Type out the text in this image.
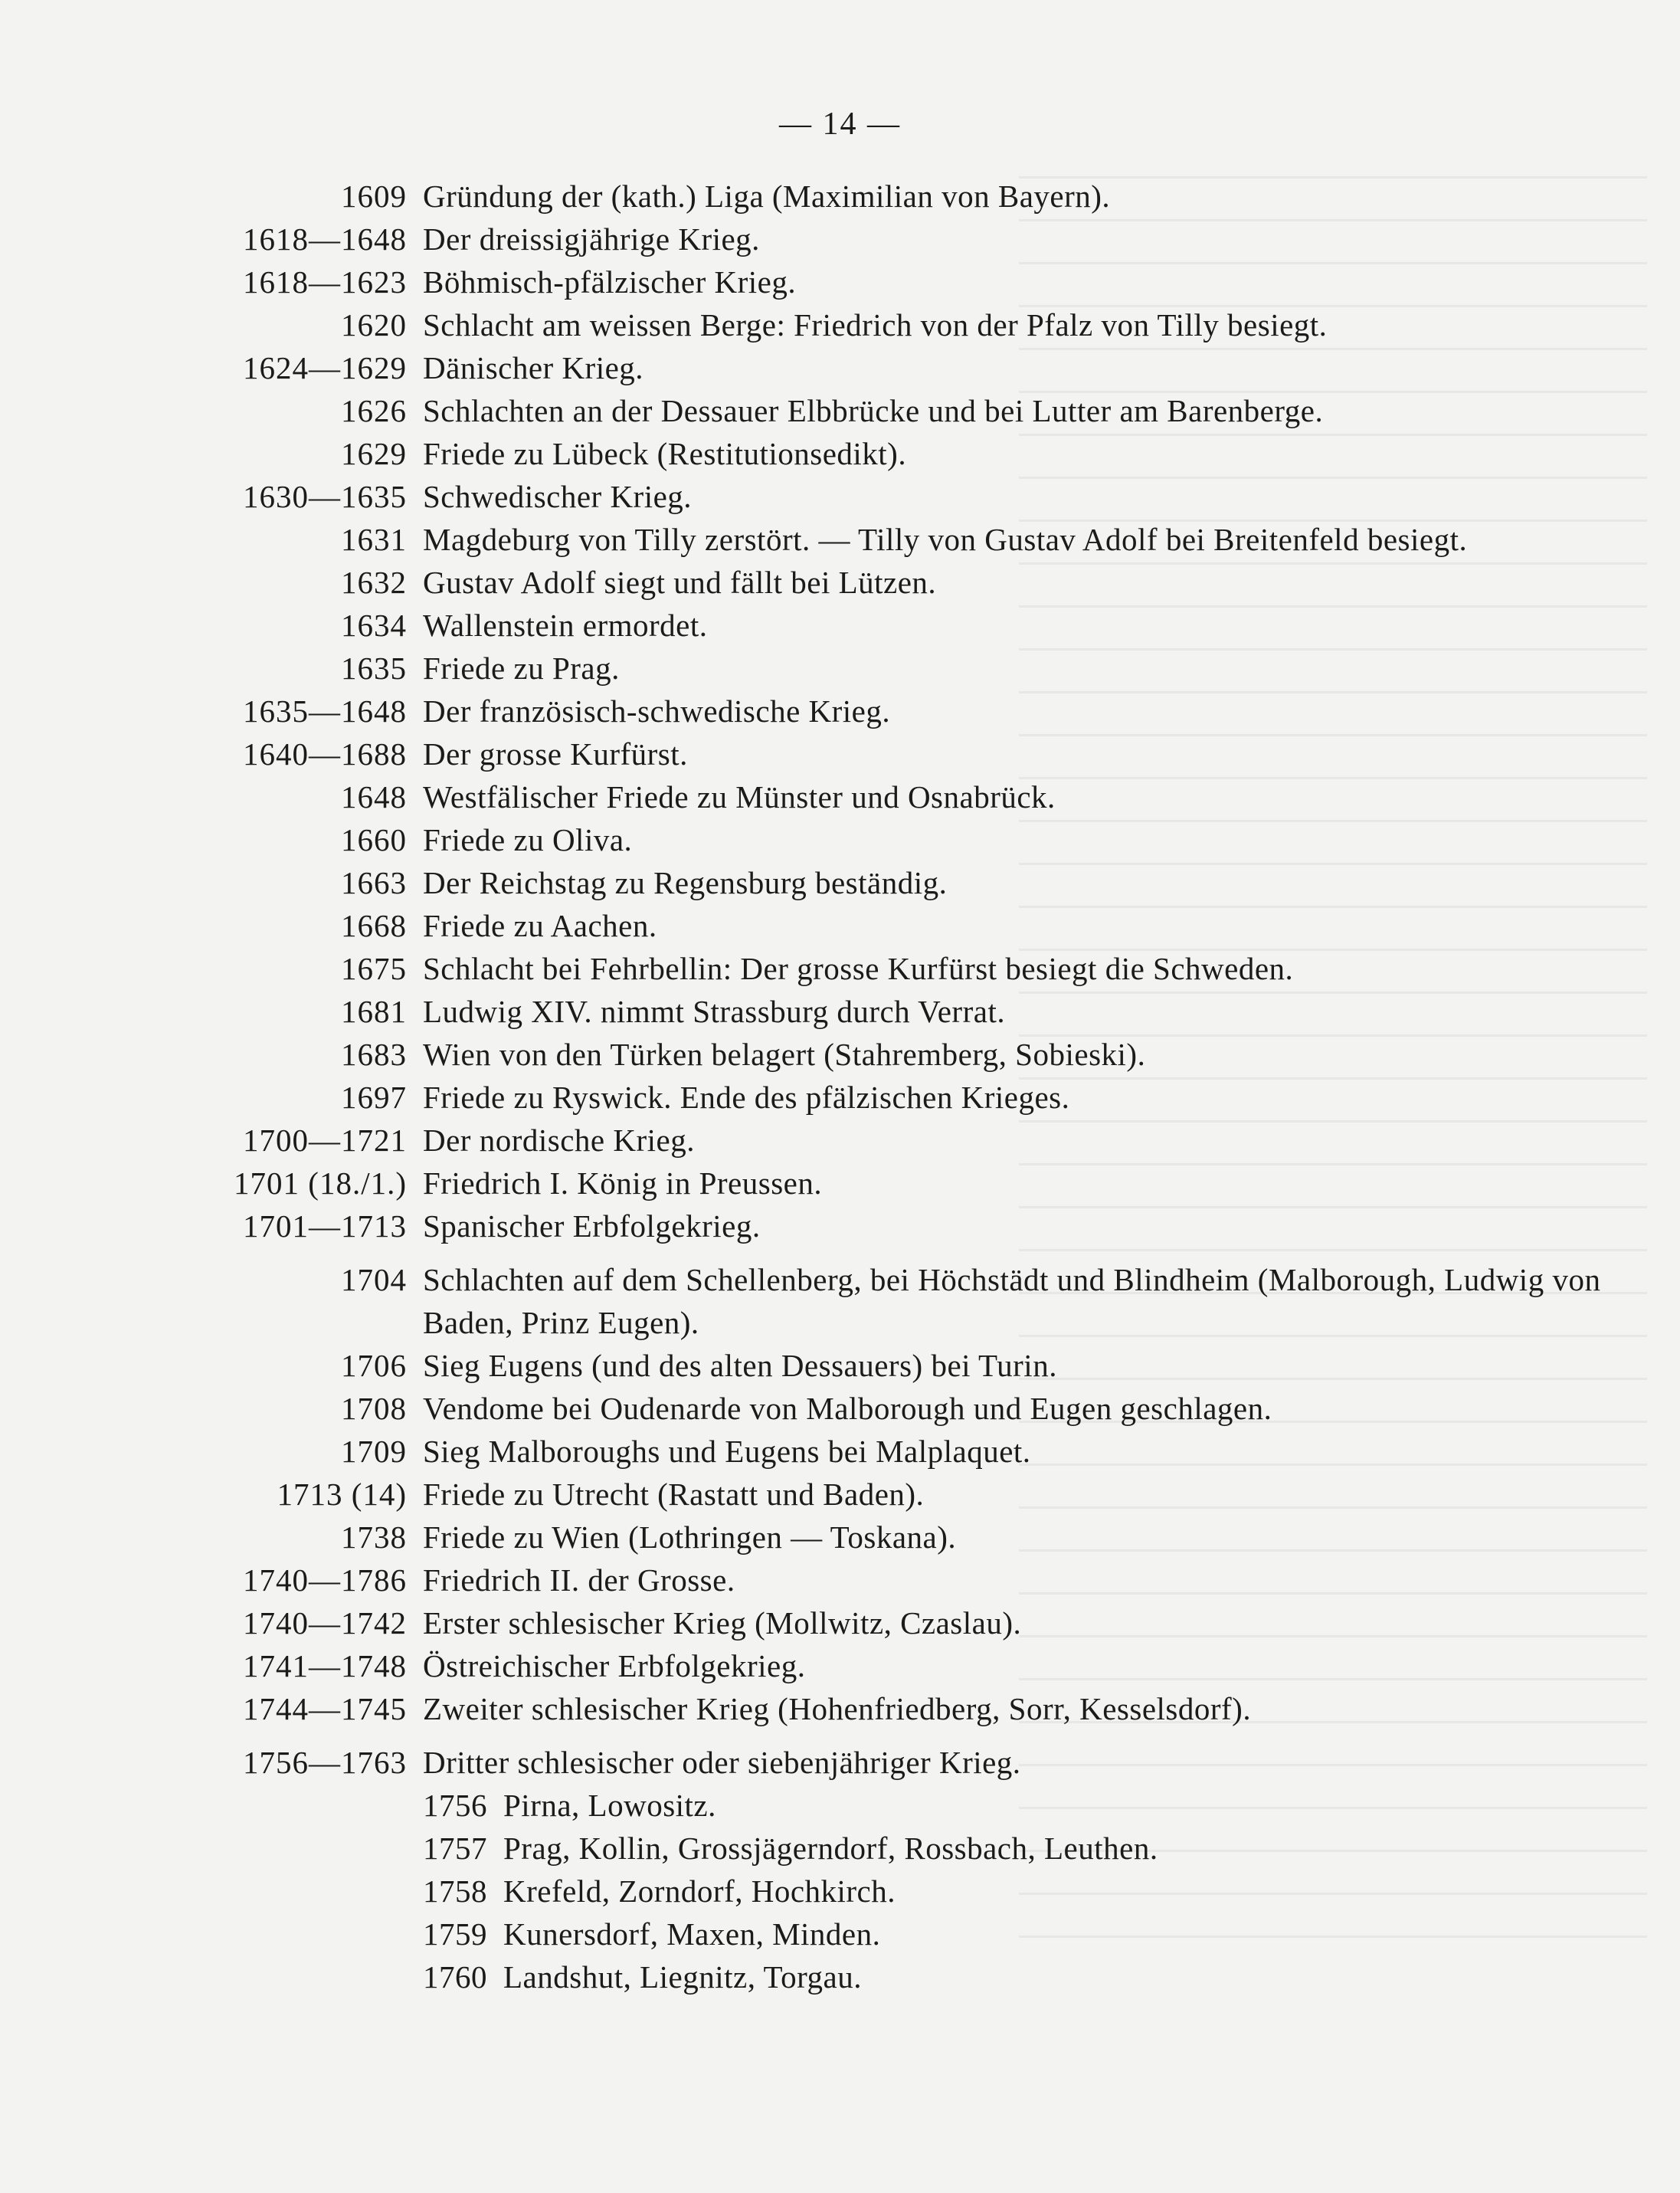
— 14 —
1609 Gründung der (kath.) Liga (Maximilian von Bayern).
1618—1648 Der dreissigjährige Krieg.
1618—1623 Böhmisch-pfälzischer Krieg.
1620 Schlacht am weissen Berge: Friedrich von der Pfalz von Tilly besiegt.
1624—1629 Dänischer Krieg.
1626 Schlachten an der Dessauer Elbbrücke und bei Lutter am Barenberge.
1629 Friede zu Lübeck (Restitutionsedikt).
1630—1635 Schwedischer Krieg.
1631 Magdeburg von Tilly zerstört. — Tilly von Gustav Adolf bei Breitenfeld besiegt.
1632 Gustav Adolf siegt und fällt bei Lützen.
1634 Wallenstein ermordet.
1635 Friede zu Prag.
1635—1648 Der französisch-schwedische Krieg.
1640—1688 Der grosse Kurfürst.
1648 Westfälischer Friede zu Münster und Osnabrück.
1660 Friede zu Oliva.
1663 Der Reichstag zu Regensburg beständig.
1668 Friede zu Aachen.
1675 Schlacht bei Fehrbellin: Der grosse Kurfürst besiegt die Schweden.
1681 Ludwig XIV. nimmt Strassburg durch Verrat.
1683 Wien von den Türken belagert (Stahremberg, Sobieski).
1697 Friede zu Ryswick. Ende des pfälzischen Krieges.
1700—1721 Der nordische Krieg.
1701 (18./1.) Friedrich I. König in Preussen.
1701—1713 Spanischer Erbfolgekrieg.
1704 Schlachten auf dem Schellenberg, bei Höchstädt und Blindheim (Malborough, Ludwig von Baden, Prinz Eugen).
1706 Sieg Eugens (und des alten Dessauers) bei Turin.
1708 Vendome bei Oudenarde von Malborough und Eugen geschlagen.
1709 Sieg Malboroughs und Eugens bei Malplaquet.
1713 (14) Friede zu Utrecht (Rastatt und Baden).
1738 Friede zu Wien (Lothringen — Toskana).
1740—1786 Friedrich II. der Grosse.
1740—1742 Erster schlesischer Krieg (Mollwitz, Czaslau).
1741—1748 Östreichischer Erbfolgekrieg.
1744—1745 Zweiter schlesischer Krieg (Hohenfriedberg, Sorr, Kesselsdorf).
1756—1763 Dritter schlesischer oder siebenjähriger Krieg.
1756 Pirna, Lowositz.
1757 Prag, Kollin, Grossjägerndorf, Rossbach, Leuthen.
1758 Krefeld, Zorndorf, Hochkirch.
1759 Kunersdorf, Maxen, Minden.
1760 Landshut, Liegnitz, Torgau.
